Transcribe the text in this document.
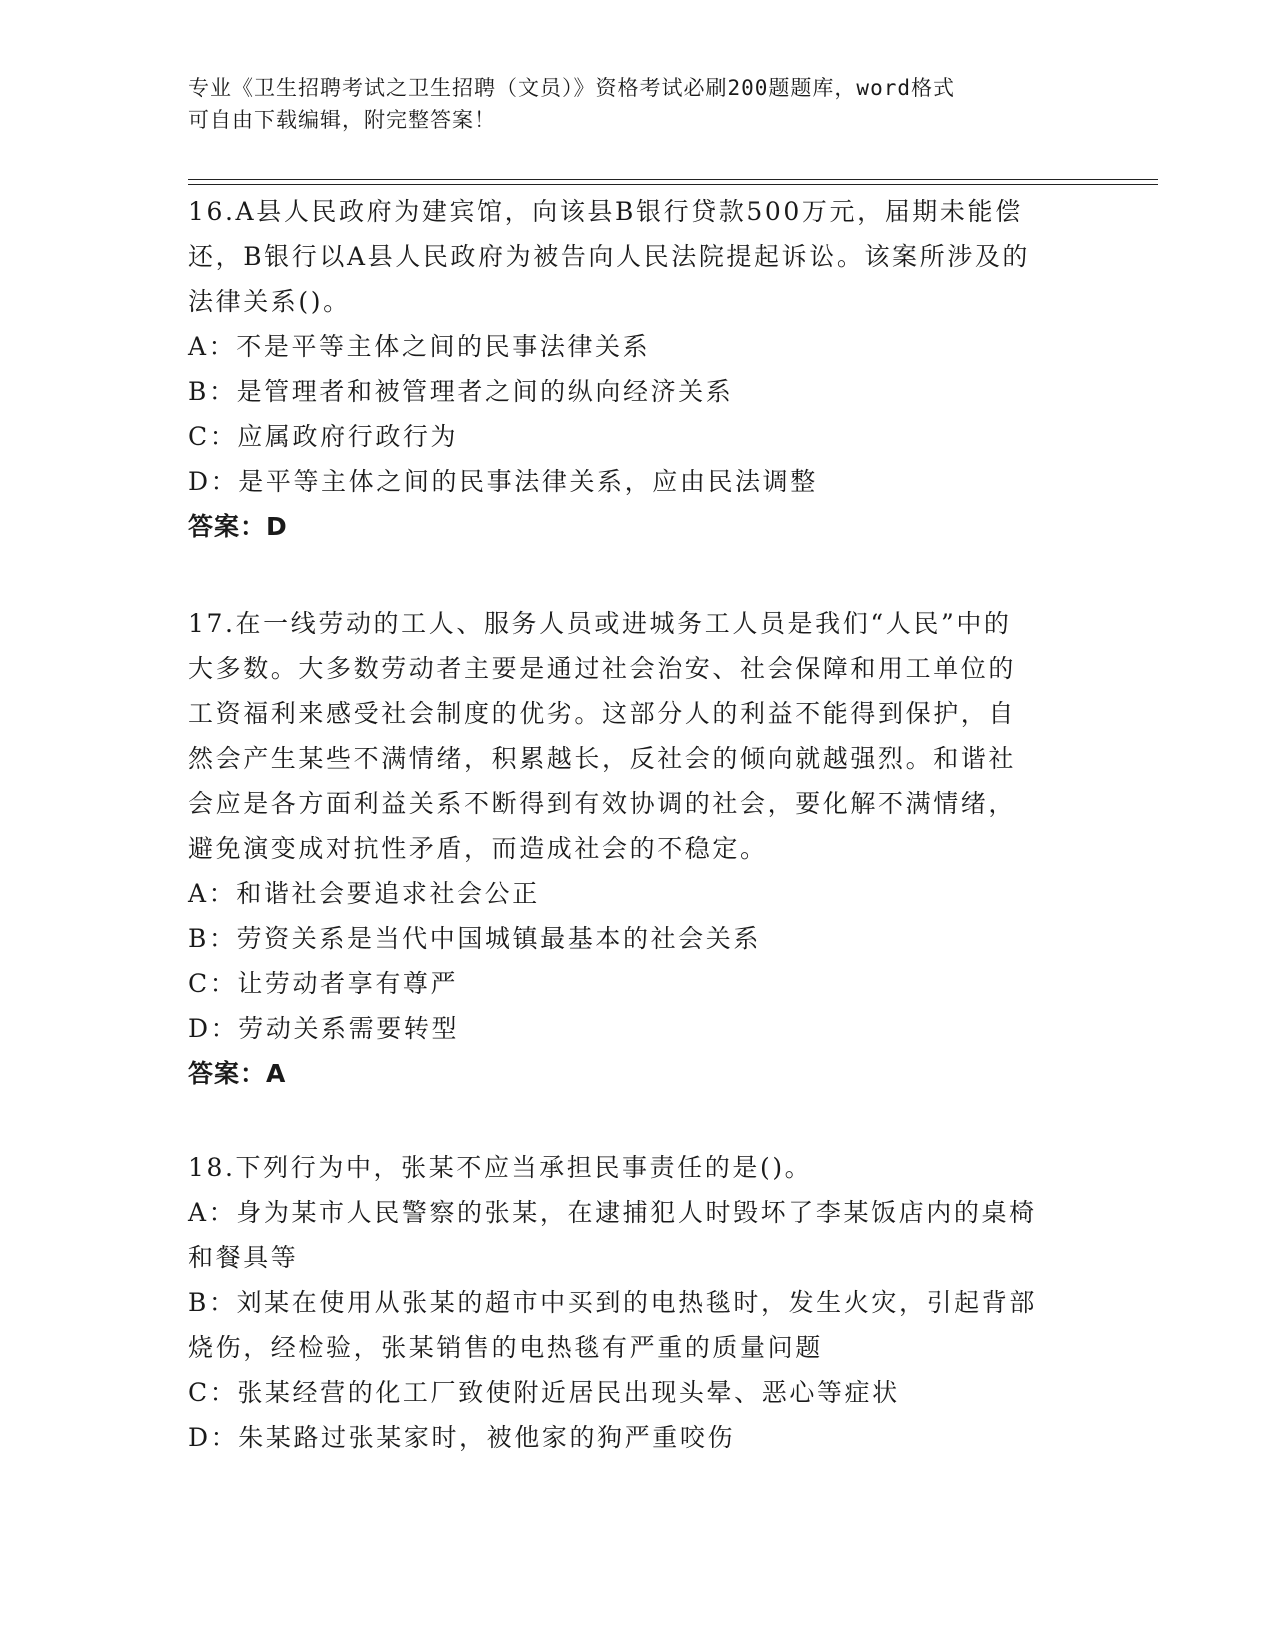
专业《卫生招聘考试之卫生招聘（文员）》资格考试必刷200题题库，word格式
可自由下载编辑，附完整答案！
16.A县人民政府为建宾馆，向该县B银行贷款500万元，届期未能偿
还，B银行以A县人民政府为被告向人民法院提起诉讼。该案所涉及的
法律关系()。
A：不是平等主体之间的民事法律关系
B：是管理者和被管理者之间的纵向经济关系
C：应属政府行政行为
D：是平等主体之间的民事法律关系，应由民法调整
答案：D
17.在一线劳动的工人、服务人员或进城务工人员是我们“人民”中的
大多数。大多数劳动者主要是通过社会治安、社会保障和用工单位的
工资福利来感受社会制度的优劣。这部分人的利益不能得到保护，自
然会产生某些不满情绪，积累越长，反社会的倾向就越强烈。和谐社
会应是各方面利益关系不断得到有效协调的社会，要化解不满情绪，
避免演变成对抗性矛盾，而造成社会的不稳定。
A：和谐社会要追求社会公正
B：劳资关系是当代中国城镇最基本的社会关系
C：让劳动者享有尊严
D：劳动关系需要转型
答案：A
18.下列行为中，张某不应当承担民事责任的是()。
A：身为某市人民警察的张某，在逮捕犯人时毁坏了李某饭店内的桌椅
和餐具等
B：刘某在使用从张某的超市中买到的电热毯时，发生火灾，引起背部
烧伤，经检验，张某销售的电热毯有严重的质量问题
C：张某经营的化工厂致使附近居民出现头晕、恶心等症状
D：朱某路过张某家时，被他家的狗严重咬伤
